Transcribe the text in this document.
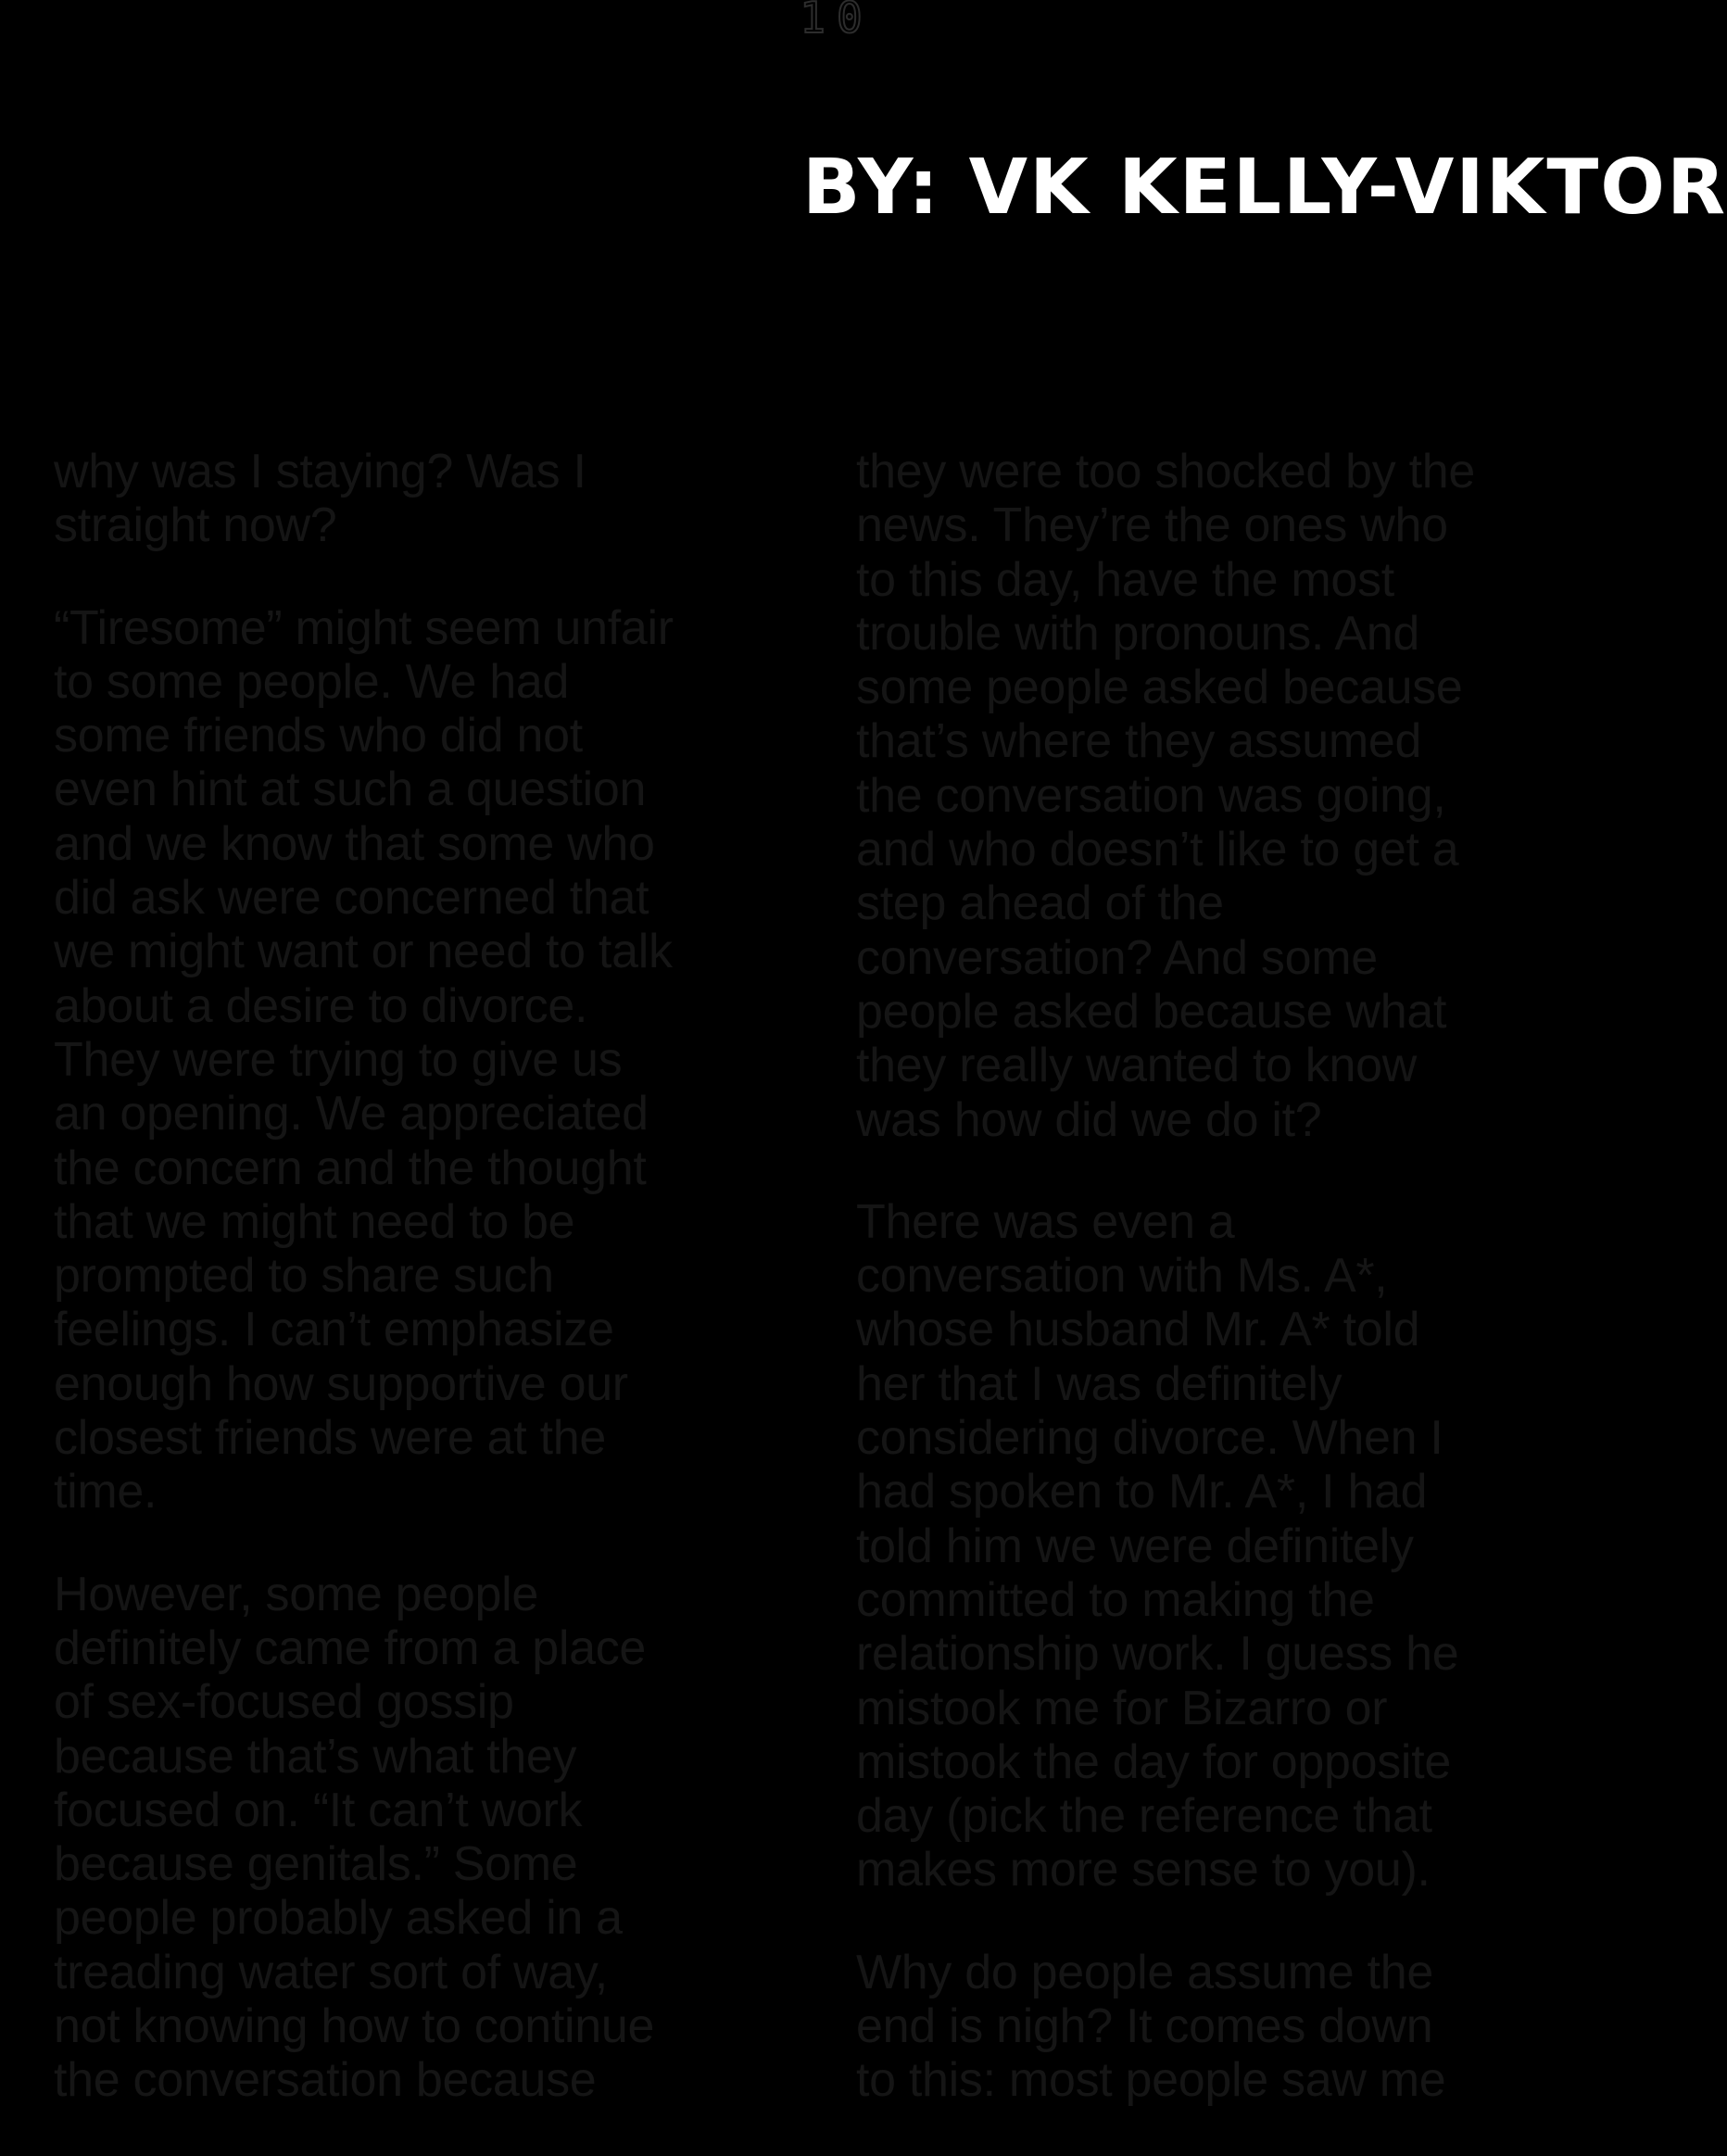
10
BY: VK KELLY-VIKTOR

why was I staying? Was I
straight now?

“Tiresome” might seem unfair
to some people. We had
some friends who did not
even hint at such a question
and we know that some who
did ask were concerned that
we might want or need to talk
about a desire to divorce.
They were trying to give us
an opening. We appreciated
the concern and the thought
that we might need to be
prompted to share such
feelings. I can’t emphasize
enough how supportive our
closest friends were at the
time.

However, some people
definitely came from a place
of sex-focused gossip
because that’s what they
focused on. “It can’t work
because genitals.” Some
people probably asked in a
treading water sort of way,
not knowing how to continue
the conversation because

they were too shocked by the
news. They’re the ones who
to this day, have the most
trouble with pronouns. And
some people asked because
that’s where they assumed
the conversation was going,
and who doesn’t like to get a
step ahead of the
conversation? And some
people asked because what
they really wanted to know
was how did we do it?

There was even a
conversation with Ms. A*,
whose husband Mr. A* told
her that I was definitely
considering divorce. When I
had spoken to Mr. A*, I had
told him we were definitely
committed to making the
relationship work. I guess he
mistook me for Bizarro or
mistook the day for opposite
day (pick the reference that
makes more sense to you).

Why do people assume the
end is nigh? It comes down
to this: most people saw me
